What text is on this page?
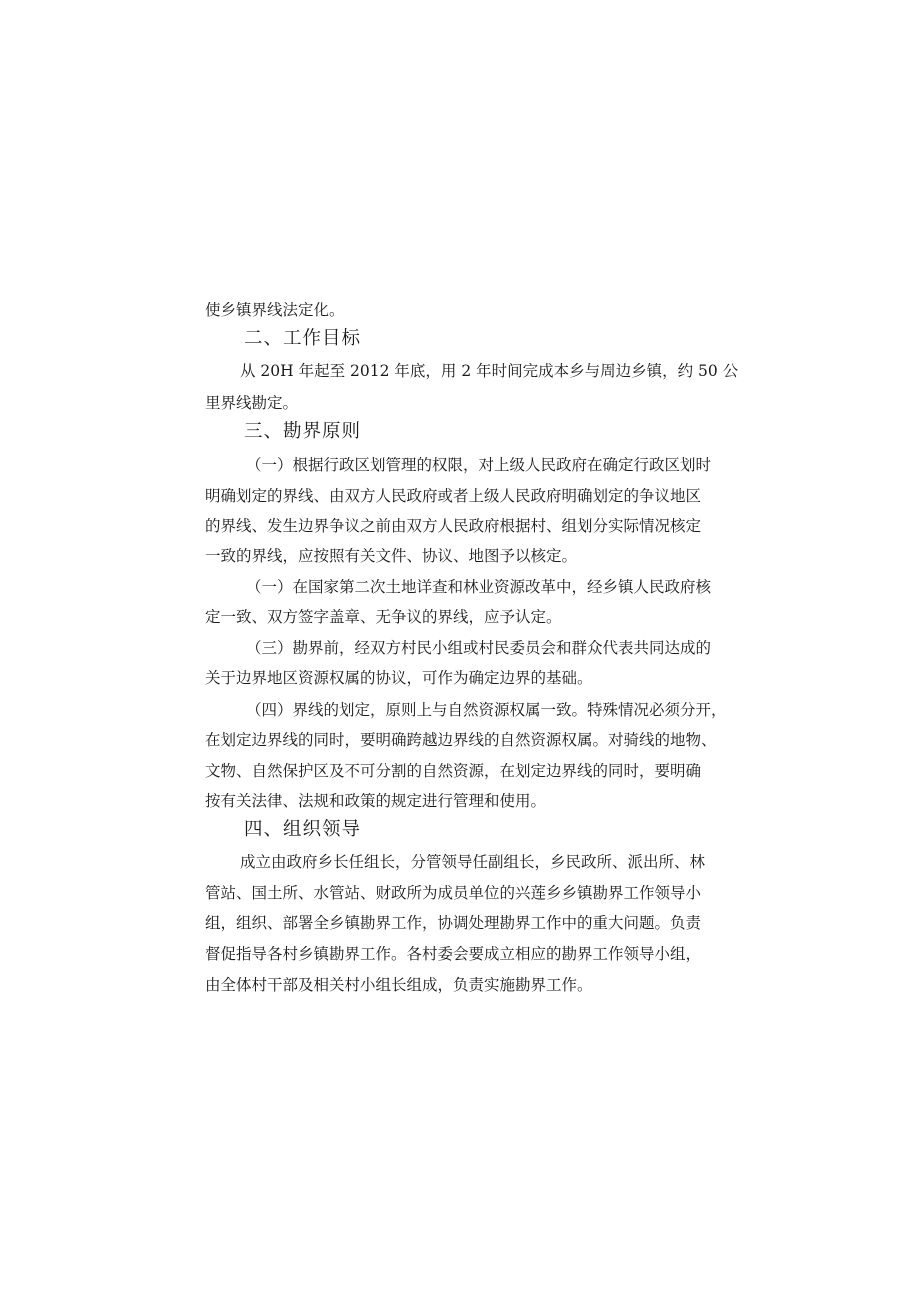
使乡镇界线法定化。
二、工作目标
从 20H 年起至 2012 年底，用 2 年时间完成本乡与周边乡镇，约 50 公
里界线勘定。
三、勘界原则
（一）根据行政区划管理的权限，对上级人民政府在确定行政区划时
明确划定的界线、由双方人民政府或者上级人民政府明确划定的争议地区
的界线、发生边界争议之前由双方人民政府根据村、组划分实际情况核定
一致的界线，应按照有关文件、协议、地图予以核定。
（一）在国家第二次土地详查和林业资源改革中，经乡镇人民政府核
定一致、双方签字盖章、无争议的界线，应予认定。
（三）勘界前，经双方村民小组或村民委员会和群众代表共同达成的
关于边界地区资源权属的协议，可作为确定边界的基础。
（四）界线的划定，原则上与自然资源权属一致。特殊情况必须分开，
在划定边界线的同时，要明确跨越边界线的自然资源权属。对骑线的地物、
文物、自然保护区及不可分割的自然资源，在划定边界线的同时，要明确
按有关法律、法规和政策的规定进行管理和使用。
四、组织领导
成立由政府乡长任组长，分管领导任副组长，乡民政所、派出所、林
管站、国土所、水管站、财政所为成员单位的兴莲乡乡镇勘界工作领导小
组，组织、部署全乡镇勘界工作，协调处理勘界工作中的重大问题。负责
督促指导各村乡镇勘界工作。各村委会要成立相应的勘界工作领导小组，
由全体村干部及相关村小组长组成，负责实施勘界工作。
